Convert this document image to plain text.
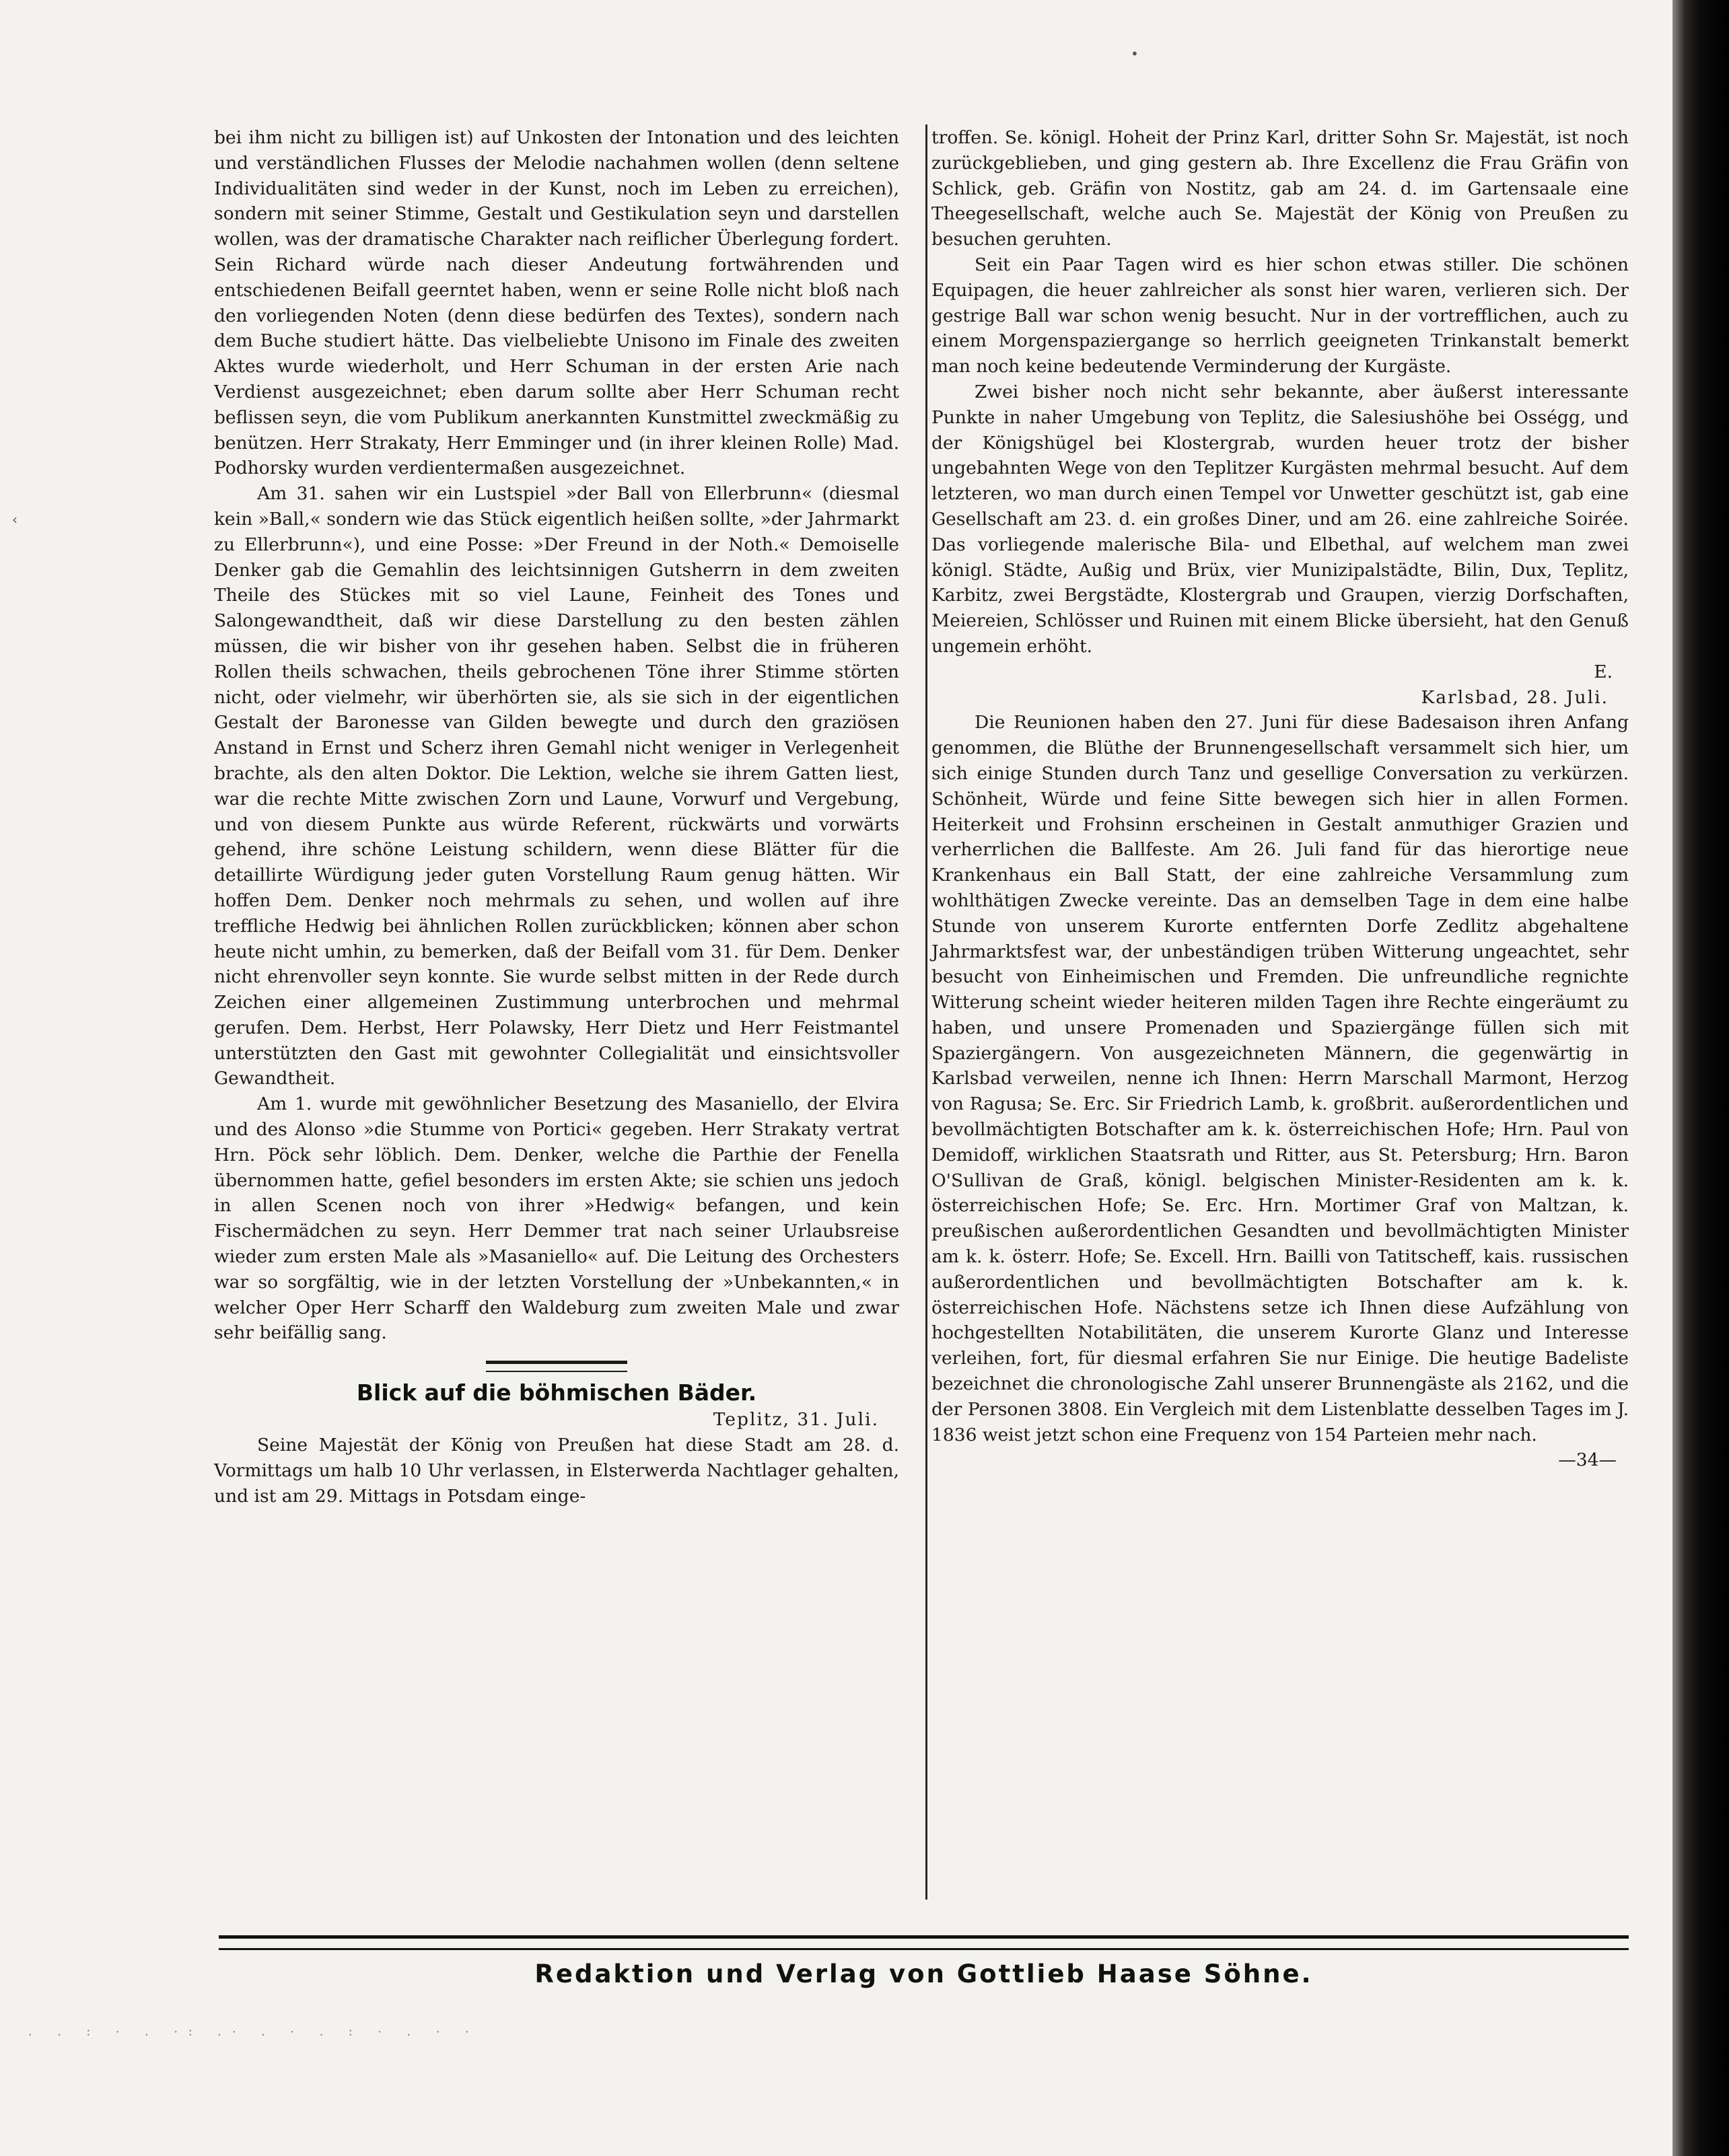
bei ihm nicht zu billigen ist) auf Unkosten der Intonation und des leichten und verständlichen Flusses der Melodie nachahmen wollen (denn seltene Individualitäten sind weder in der Kunst, noch im Leben zu erreichen), sondern mit seiner Stimme, Gestalt und Gestikulation seyn und darstellen wollen, was der dramatische Charakter nach reiflicher Überlegung fordert. Sein Richard würde nach dieser Andeutung fortwährenden und entschiedenen Beifall geerntet haben, wenn er seine Rolle nicht bloß nach den vorliegenden Noten (denn diese bedürfen des Textes), sondern nach dem Buche studiert hätte. Das vielbeliebte Unisono im Finale des zweiten Aktes wurde wiederholt, und Herr Schuman in der ersten Arie nach Verdienst ausgezeichnet; eben darum sollte aber Herr Schuman recht beflissen seyn, die vom Publikum anerkannten Kunstmittel zweckmäßig zu benützen. Herr Strakaty, Herr Emminger und (in ihrer kleinen Rolle) Mad. Podhorsky wurden verdientermaßen ausgezeichnet.

Am 31. sahen wir ein Lustspiel »der Ball von Ellerbrunn« (diesmal kein »Ball,« sondern wie das Stück eigentlich heißen sollte, »der Jahrmarkt zu Ellerbrunn«), und eine Posse: »Der Freund in der Noth.« Demoiselle Denker gab die Gemahlin des leichtsinnigen Gutsherrn in dem zweiten Theile des Stückes mit so viel Laune, Feinheit des Tones und Salongewandtheit, daß wir diese Darstellung zu den besten zählen müssen, die wir bisher von ihr gesehen haben. Selbst die in früheren Rollen theils schwachen, theils gebrochenen Töne ihrer Stimme störten nicht, oder vielmehr, wir überhörten sie, als sie sich in der eigentlichen Gestalt der Baronesse van Gilden bewegte und durch den graziösen Anstand in Ernst und Scherz ihren Gemahl nicht weniger in Verlegenheit brachte, als den alten Doktor. Die Lektion, welche sie ihrem Gatten liest, war die rechte Mitte zwischen Zorn und Laune, Vorwurf und Vergebung, und von diesem Punkte aus würde Referent, rückwärts und vorwärts gehend, ihre schöne Leistung schildern, wenn diese Blätter für die detaillirte Würdigung jeder guten Vorstellung Raum genug hätten. Wir hoffen Dem. Denker noch mehrmals zu sehen, und wollen auf ihre treffliche Hedwig bei ähnlichen Rollen zurückblicken; können aber schon heute nicht umhin, zu bemerken, daß der Beifall vom 31. für Dem. Denker nicht ehrenvoller seyn konnte. Sie wurde selbst mitten in der Rede durch Zeichen einer allgemeinen Zustimmung unterbrochen und mehrmal gerufen. Dem. Herbst, Herr Polawsky, Herr Dietz und Herr Feistmantel unterstützten den Gast mit gewohnter Collegialität und einsichtsvoller Gewandtheit.

Am 1. wurde mit gewöhnlicher Besetzung des Masaniello, der Elvira und des Alonso »die Stumme von Portici« gegeben. Herr Strakaty vertrat Hrn. Pöck sehr löblich. Dem. Denker, welche die Parthie der Fenella übernommen hatte, gefiel besonders im ersten Akte; sie schien uns jedoch in allen Scenen noch von ihrer »Hedwig« befangen, und kein Fischermädchen zu seyn. Herr Demmer trat nach seiner Urlaubsreise wieder zum ersten Male als »Masaniello« auf. Die Leitung des Orchesters war so sorgfältig, wie in der letzten Vorstellung der »Unbekannten,« in welcher Oper Herr Scharff den Waldeburg zum zweiten Male und zwar sehr beifällig sang.

Blick auf die böhmischen Bäder.

Teplitz, 31. Juli.

Seine Majestät der König von Preußen hat diese Stadt am 28. d. Vormittags um halb 10 Uhr verlassen, in Elsterwerda Nachtlager gehalten, und ist am 29. Mittags in Potsdam einge-

troffen. Se. königl. Hoheit der Prinz Karl, dritter Sohn Sr. Majestät, ist noch zurückgeblieben, und ging gestern ab. Ihre Excellenz die Frau Gräfin von Schlick, geb. Gräfin von Nostitz, gab am 24. d. im Gartensaale eine Theegesellschaft, welche auch Se. Majestät der König von Preußen zu besuchen geruhten.

Seit ein Paar Tagen wird es hier schon etwas stiller. Die schönen Equipagen, die heuer zahlreicher als sonst hier waren, verlieren sich. Der gestrige Ball war schon wenig besucht. Nur in der vortrefflichen, auch zu einem Morgenspaziergange so herrlich geeigneten Trinkanstalt bemerkt man noch keine bedeutende Verminderung der Kurgäste.

Zwei bisher noch nicht sehr bekannte, aber äußerst interessante Punkte in naher Umgebung von Teplitz, die Salesiushöhe bei Osségg, und der Königshügel bei Klostergrab, wurden heuer trotz der bisher ungebahnten Wege von den Teplitzer Kurgästen mehrmal besucht. Auf dem letzteren, wo man durch einen Tempel vor Unwetter geschützt ist, gab eine Gesellschaft am 23. d. ein großes Diner, und am 26. eine zahlreiche Soirée. Das vorliegende malerische Bila- und Elbethal, auf welchem man zwei königl. Städte, Außig und Brüx, vier Munizipalstädte, Bilin, Dux, Teplitz, Karbitz, zwei Bergstädte, Klostergrab und Graupen, vierzig Dorfschaften, Meiereien, Schlösser und Ruinen mit einem Blicke übersieht, hat den Genuß ungemein erhöht.

E.

Karlsbad, 28. Juli.

Die Reunionen haben den 27. Juni für diese Badesaison ihren Anfang genommen, die Blüthe der Brunnengesellschaft versammelt sich hier, um sich einige Stunden durch Tanz und gesellige Conversation zu verkürzen. Schönheit, Würde und feine Sitte bewegen sich hier in allen Formen. Heiterkeit und Frohsinn erscheinen in Gestalt anmuthiger Grazien und verherrlichen die Ballfeste. Am 26. Juli fand für das hierortige neue Krankenhaus ein Ball Statt, der eine zahlreiche Versammlung zum wohlthätigen Zwecke vereinte. Das an demselben Tage in dem eine halbe Stunde von unserem Kurorte entfernten Dorfe Zedlitz abgehaltene Jahrmarktsfest war, der unbeständigen trüben Witterung ungeachtet, sehr besucht von Einheimischen und Fremden. Die unfreundliche regnichte Witterung scheint wieder heiteren milden Tagen ihre Rechte eingeräumt zu haben, und unsere Promenaden und Spaziergänge füllen sich mit Spaziergängern. Von ausgezeichneten Männern, die gegenwärtig in Karlsbad verweilen, nenne ich Ihnen: Herrn Marschall Marmont, Herzog von Ragusa; Se. Erc. Sir Friedrich Lamb, k. großbrit. außerordentlichen und bevollmächtigten Botschafter am k. k. österreichischen Hofe; Hrn. Paul von Demidoff, wirklichen Staatsrath und Ritter, aus St. Petersburg; Hrn. Baron O'Sullivan de Graß, königl. belgischen Minister-Residenten am k. k. österreichischen Hofe; Se. Erc. Hrn. Mortimer Graf von Maltzan, k. preußischen außerordentlichen Gesandten und bevollmächtigten Minister am k. k. österr. Hofe; Se. Excell. Hrn. Bailli von Tatitscheff, kais. russischen außerordentlichen und bevollmächtigten Botschafter am k. k. österreichischen Hofe. Nächstens setze ich Ihnen diese Aufzählung von hochgestellten Notabilitäten, die unserem Kurorte Glanz und Interesse verleihen, fort, für diesmal erfahren Sie nur Einige. Die heutige Badeliste bezeichnet die chronologische Zahl unserer Brunnengäste als 2162, und die der Personen 3808. Ein Vergleich mit dem Listenblatte desselben Tages im J. 1836 weist jetzt schon eine Frequenz von 154 Parteien mehr nach.

—34—

Redaktion und Verlag von Gottlieb Haase Söhne.
. . : · . ·: .· . · . : · . · ·
‹
•
